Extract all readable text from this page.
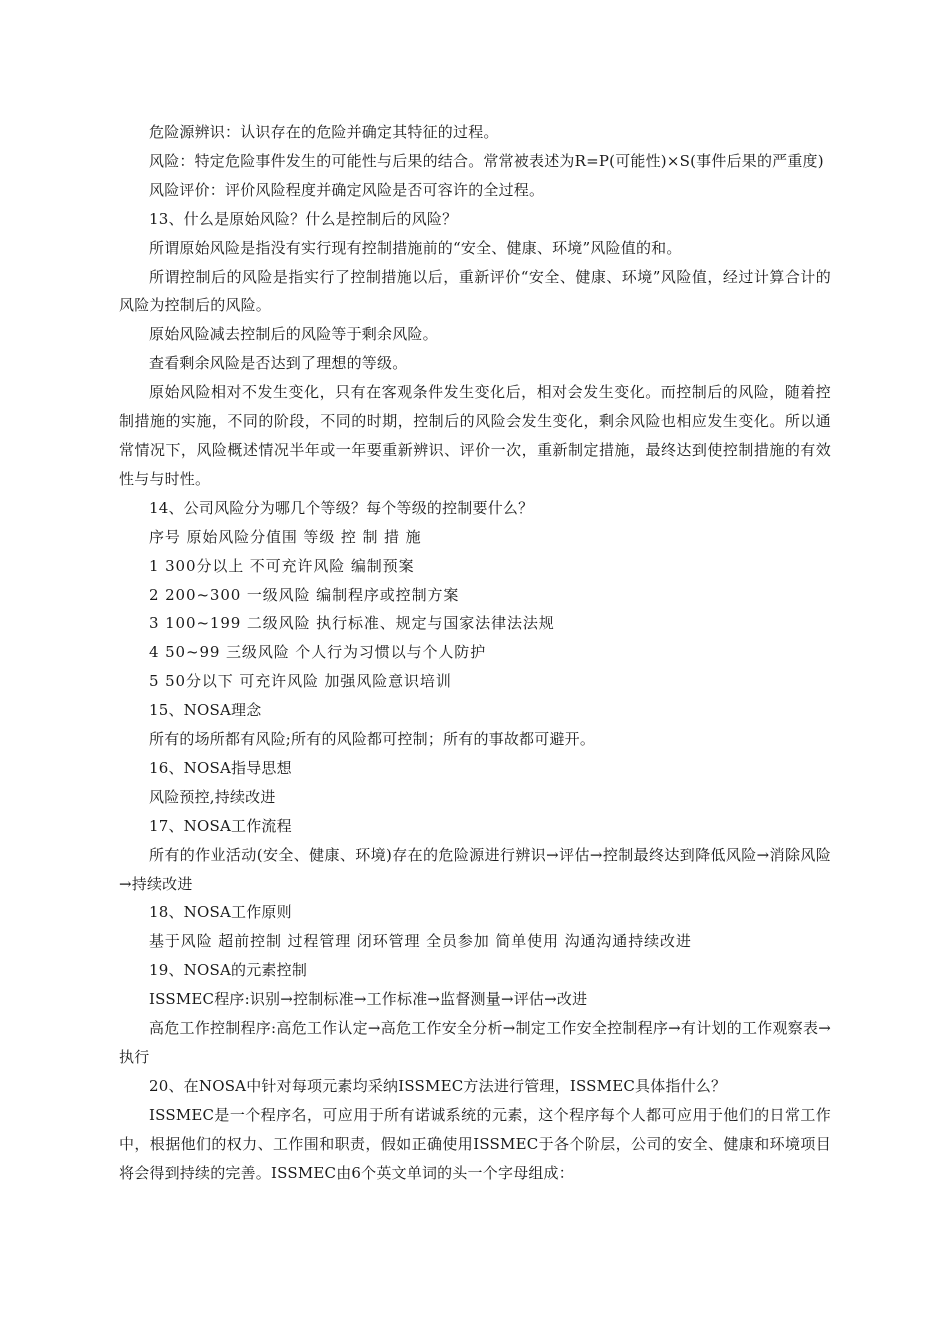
危险源辨识：认识存在的危险并确定其特征的过程。

风险：特定危险事件发生的可能性与后果的结合。常常被表述为R=P(可能性)×S(事件后果的严重度)

风险评价：评价风险程度并确定风险是否可容许的全过程。

13、什么是原始风险？什么是控制后的风险？

所谓原始风险是指没有实行现有控制措施前的“安全、健康、环境”风险值的和。

所谓控制后的风险是指实行了控制措施以后，重新评价“安全、健康、环境”风险值，经过计算合计的风险为控制后的风险。

原始风险减去控制后的风险等于剩余风险。

查看剩余风险是否达到了理想的等级。

原始风险相对不发生变化，只有在客观条件发生变化后，相对会发生变化。而控制后的风险，随着控制措施的实施，不同的阶段，不同的时期，控制后的风险会发生变化，剩余风险也相应发生变化。所以通常情况下，风险概述情况半年或一年要重新辨识、评价一次，重新制定措施，最终达到使控制措施的有效性与与时性。

14、公司风险分为哪几个等级？每个等级的控制要什么？

序号 原始风险分值围 等级 控 制 措 施

1 300分以上 不可充许风险 编制预案

2 200~300 一级风险 编制程序或控制方案

3 100~199 二级风险 执行标准、规定与国家法律法法规

4 50~99 三级风险 个人行为习惯以与个人防护

5 50分以下 可充许风险 加强风险意识培训

15、NOSA理念

所有的场所都有风险;所有的风险都可控制；所有的事故都可避开。

16、NOSA指导思想

风险预控,持续改进

17、NOSA工作流程

所有的作业活动(安全、健康、环境)存在的危险源进行辨识→评估→控制最终达到降低风险→消除风险→持续改进

18、NOSA工作原则

基于风险 超前控制 过程管理 闭环管理 全员参加 简单使用 沟通沟通持续改进

19、NOSA的元素控制

ISSMEC程序:识别→控制标准→工作标准→监督测量→评估→改进

高危工作控制程序:高危工作认定→高危工作安全分析→制定工作安全控制程序→有计划的工作观察表→执行

20、在NOSA中针对每项元素均采纳ISSMEC方法进行管理，ISSMEC具体指什么？

ISSMEC是一个程序名，可应用于所有诺诚系统的元素，这个程序每个人都可应用于他们的日常工作中，根据他们的权力、工作围和职责，假如正确使用ISSMEC于各个阶层，公司的安全、健康和环境项目将会得到持续的完善。ISSMEC由6个英文单词的头一个字母组成：
